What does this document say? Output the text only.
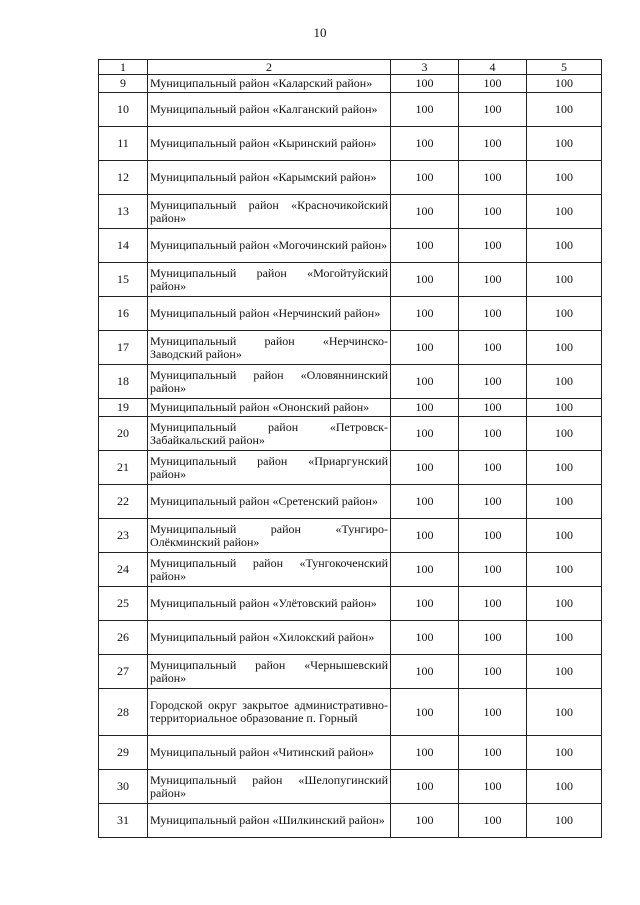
10
1	2	3	4	5
9	Муниципальный район «Каларский район»	100	100	100
10	Муниципальный район «Калганский район»	100	100	100
11	Муниципальный район «Кыринский район»	100	100	100
12	Муниципальный район «Карымский район»	100	100	100
13	Муниципальный район «Красночикойский район»	100	100	100
14	Муниципальный район «Могочинский район»	100	100	100
15	Муниципальный район «Могойтуйский район»	100	100	100
16	Муниципальный район «Нерчинский район»	100	100	100
17	Муниципальный район «Нерчинско-Заводский район»	100	100	100
18	Муниципальный район «Оловяннинский район»	100	100	100
19	Муниципальный район «Ононский район»	100	100	100
20	Муниципальный район «Петровск-Забайкальский район»	100	100	100
21	Муниципальный район «Приаргунский район»	100	100	100
22	Муниципальный район «Сретенский район»	100	100	100
23	Муниципальный район «Тунгиро-Олёкминский район»	100	100	100
24	Муниципальный район «Тунгокоченский район»	100	100	100
25	Муниципальный район «Улётовский район»	100	100	100
26	Муниципальный район «Хилокский район»	100	100	100
27	Муниципальный район «Чернышевский район»	100	100	100
28	Городской округ закрытое административно-территориальное образование п. Горный	100	100	100
29	Муниципальный район «Читинский район»	100	100	100
30	Муниципальный район «Шелопугинский район»	100	100	100
31	Муниципальный район «Шилкинский район»	100	100	100
